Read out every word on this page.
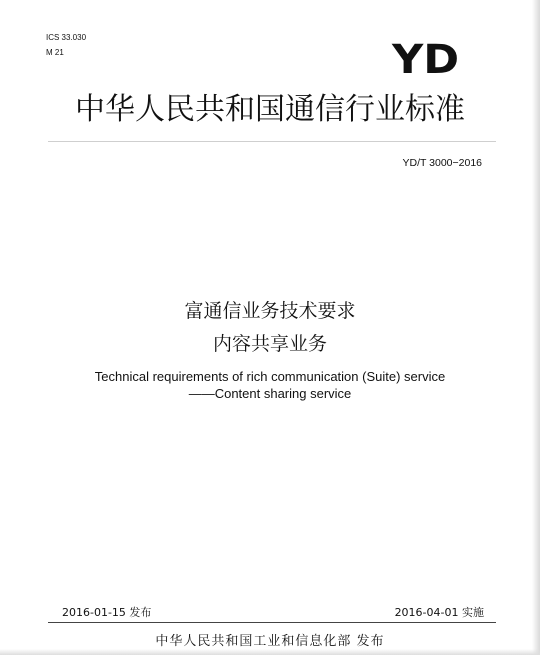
ICS 33.030
M 21	YD
中华人民共和国通信行业标准
YD/T 3000−2016
富通信业务技术要求
内容共享业务
Technical requirements of rich communication (Suite) service
——Content sharing service
2016-01-15 发布	2016-04-01 实施
中华人民共和国工业和信息化部 发布
